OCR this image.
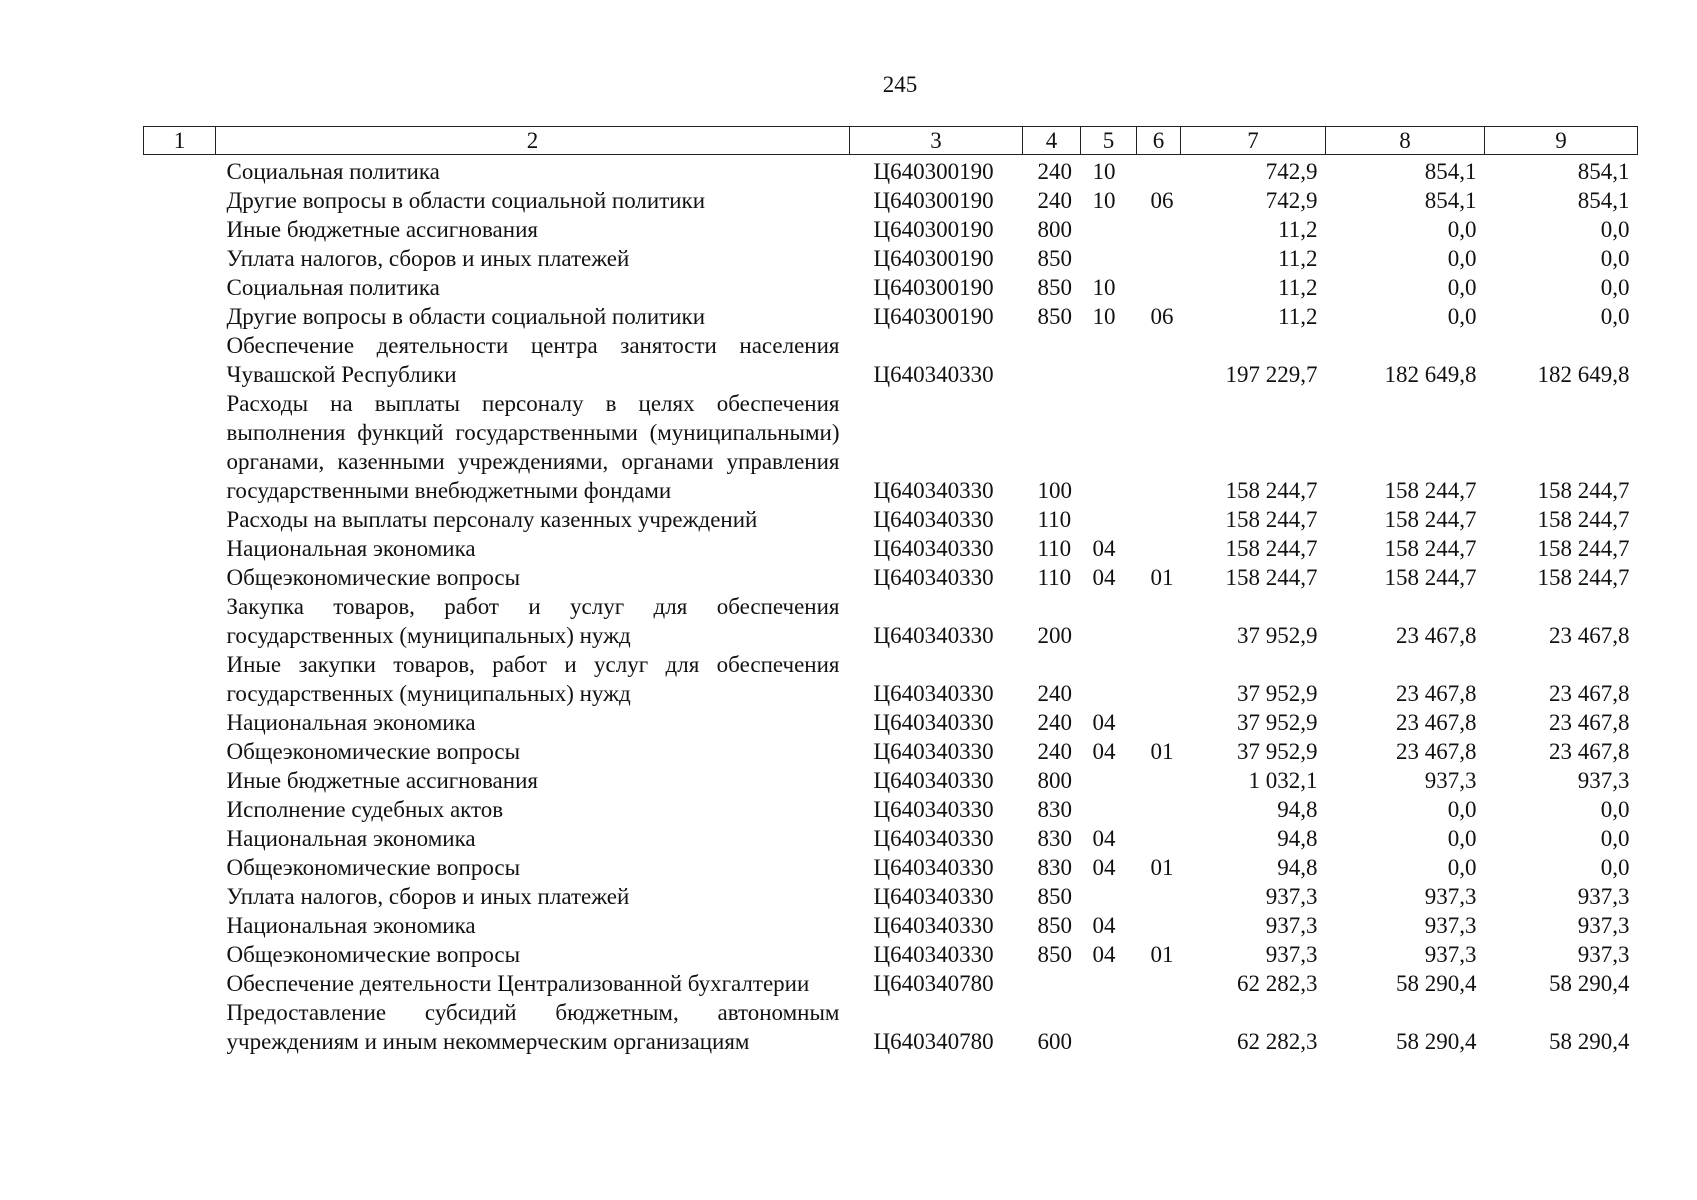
245
1	2	3	4	5	6	7	8	9
	Социальная политика	Ц640300190	240	10		742,9	854,1	854,1
	Другие вопросы в области социальной политики	Ц640300190	240	10	06	742,9	854,1	854,1
	Иные бюджетные ассигнования	Ц640300190	800			11,2	0,0	0,0
	Уплата налогов, сборов и иных платежей	Ц640300190	850			11,2	0,0	0,0
	Социальная политика	Ц640300190	850	10		11,2	0,0	0,0
	Другие вопросы в области социальной политики	Ц640300190	850	10	06	11,2	0,0	0,0
	Обеспечение деятельности центра занятости населения Чувашской Республики	Ц640340330				197 229,7	182 649,8	182 649,8
	Расходы на выплаты персоналу в целях обеспечения выполнения функций государственными (муниципальными) органами, казенными учреждениями, органами управления государственными внебюджетными фондами	Ц640340330	100			158 244,7	158 244,7	158 244,7
	Расходы на выплаты персоналу казенных учреждений	Ц640340330	110			158 244,7	158 244,7	158 244,7
	Национальная экономика	Ц640340330	110	04		158 244,7	158 244,7	158 244,7
	Общеэкономические вопросы	Ц640340330	110	04	01	158 244,7	158 244,7	158 244,7
	Закупка товаров, работ и услуг для обеспечения государственных (муниципальных) нужд	Ц640340330	200			37 952,9	23 467,8	23 467,8
	Иные закупки товаров, работ и услуг для обеспечения государственных (муниципальных) нужд	Ц640340330	240			37 952,9	23 467,8	23 467,8
	Национальная экономика	Ц640340330	240	04		37 952,9	23 467,8	23 467,8
	Общеэкономические вопросы	Ц640340330	240	04	01	37 952,9	23 467,8	23 467,8
	Иные бюджетные ассигнования	Ц640340330	800			1 032,1	937,3	937,3
	Исполнение судебных актов	Ц640340330	830			94,8	0,0	0,0
	Национальная экономика	Ц640340330	830	04		94,8	0,0	0,0
	Общеэкономические вопросы	Ц640340330	830	04	01	94,8	0,0	0,0
	Уплата налогов, сборов и иных платежей	Ц640340330	850			937,3	937,3	937,3
	Национальная экономика	Ц640340330	850	04		937,3	937,3	937,3
	Общеэкономические вопросы	Ц640340330	850	04	01	937,3	937,3	937,3
	Обеспечение деятельности Централизованной бухгалтерии	Ц640340780				62 282,3	58 290,4	58 290,4
	Предоставление субсидий бюджетным, автономным учреждениям и иным некоммерческим организациям	Ц640340780	600			62 282,3	58 290,4	58 290,4
